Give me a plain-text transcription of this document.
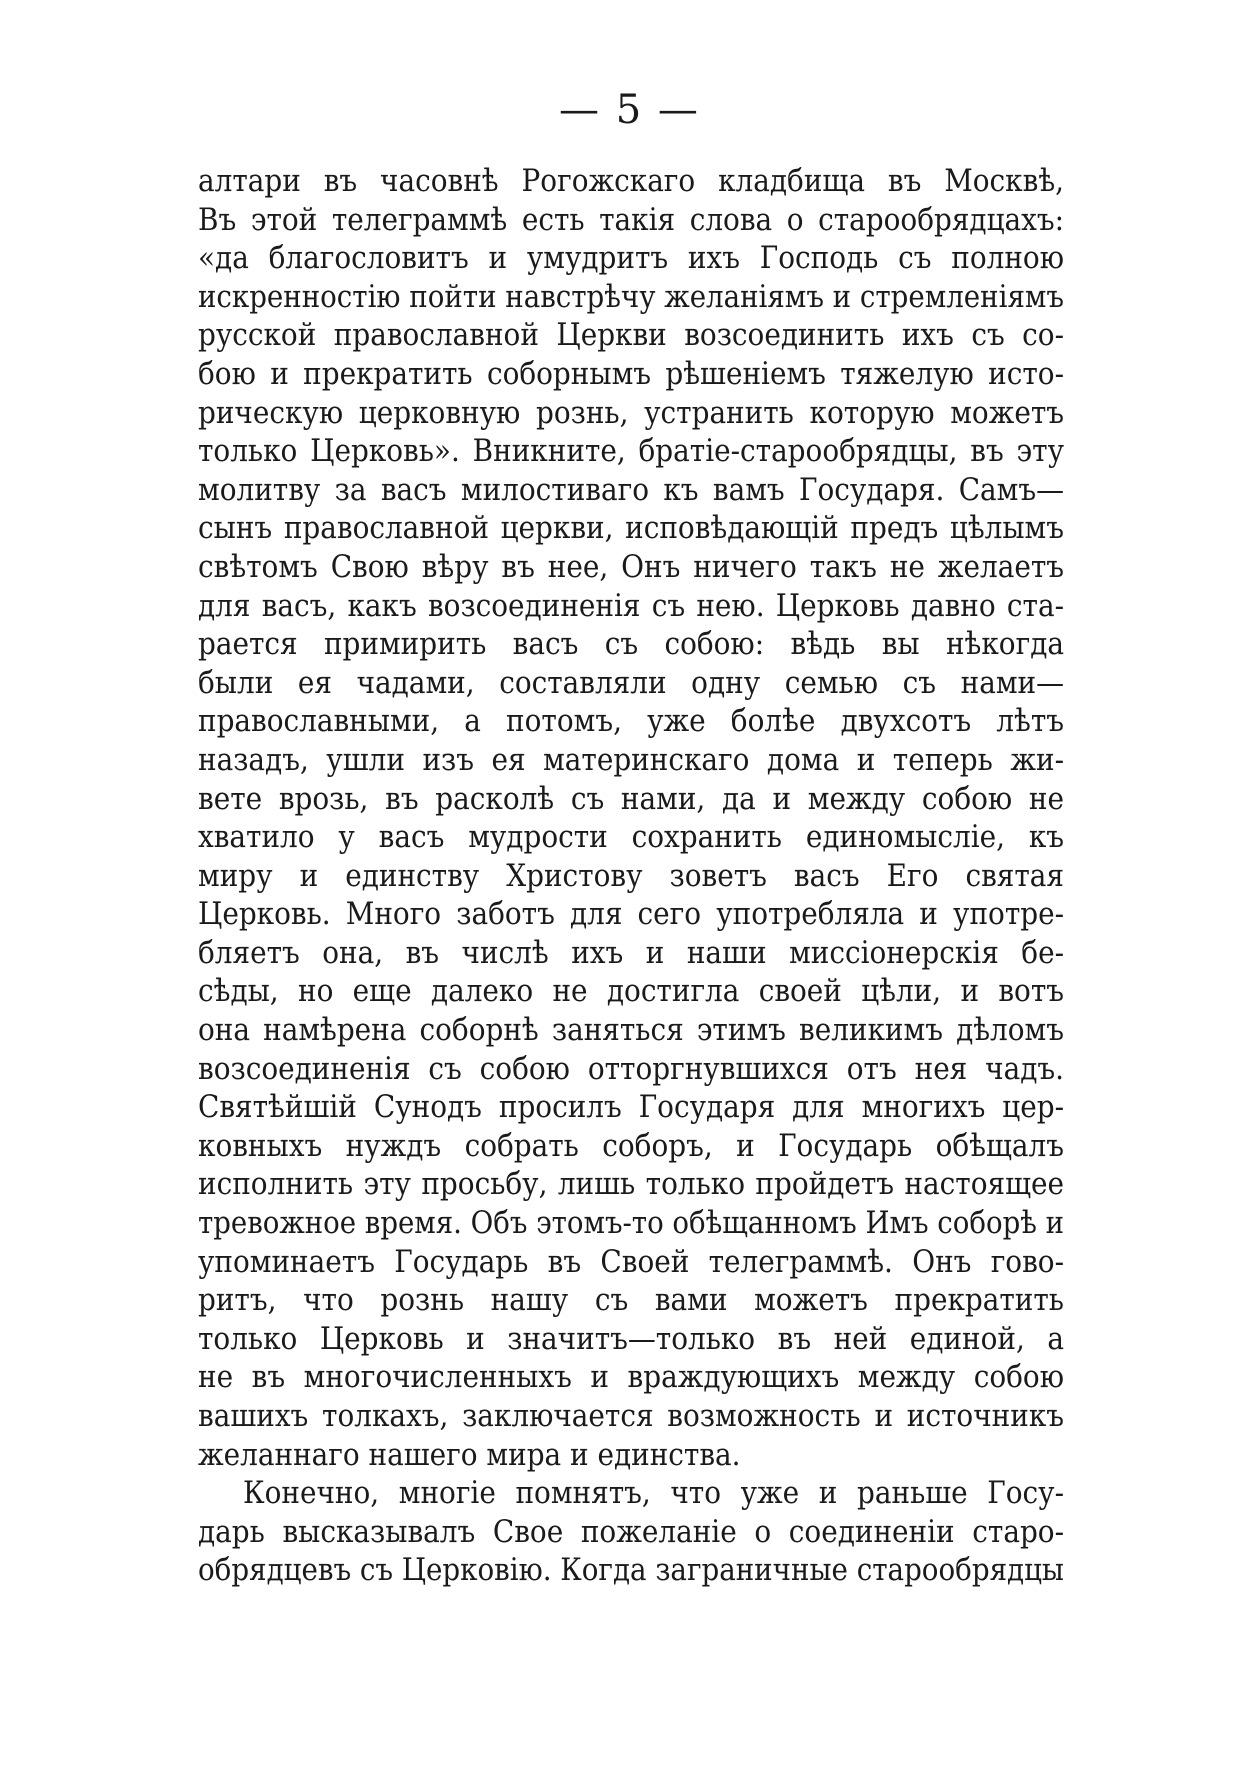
— 5 —
алтари въ часовнѣ Рогожскаго кладбища въ Москвѣ,
Въ этой телеграммѣ есть такія слова о старообрядцахъ:
«да благословитъ и умудритъ ихъ Господь съ полною
искренностію пойти навстрѣчу желаніямъ и стремленіямъ
русской православной Церкви возсоединить ихъ съ со-
бою и прекратить соборнымъ рѣшеніемъ тяжелую исто-
рическую церковную рознь, устранить которую можетъ
только Церковь». Вникните, братіе-старообрядцы, въ эту
молитву за васъ милостиваго къ вамъ Государя. Самъ—
сынъ православной церкви, исповѣдающій предъ цѣлымъ
свѣтомъ Свою вѣру въ нее, Онъ ничего такъ не желаетъ
для васъ, какъ возсоединенія съ нею. Церковь давно ста-
рается примирить васъ съ собою: вѣдь вы нѣкогда
были ея чадами, составляли одну семью съ нами—
православными, а потомъ, уже болѣе двухсотъ лѣтъ
назадъ, ушли изъ ея материнскаго дома и теперь жи-
вете врозь, въ расколѣ съ нами, да и между собою не
хватило у васъ мудрости сохранить единомысліе, къ
миру и единству Христову зоветъ васъ Его святая
Церковь. Много заботъ для сего употребляла и употре-
бляетъ она, въ числѣ ихъ и наши миссіонерскія бе-
сѣды, но еще далеко не достигла своей цѣли, и вотъ
она намѣрена соборнѣ заняться этимъ великимъ дѣломъ
возсоединенія съ собою отторгнувшихся отъ нея чадъ.
Святѣйшій Сунодъ просилъ Государя для многихъ цер-
ковныхъ нуждъ собрать соборъ, и Государь обѣщалъ
исполнить эту просьбу, лишь только пройдетъ настоящее
тревожное время. Объ этомъ-то обѣщанномъ Имъ соборѣ и
упоминаетъ Государь въ Своей телеграммѣ. Онъ гово-
ритъ, что рознь нашу съ вами можетъ прекратить
только Церковь и значитъ—только въ ней единой, а
не въ многочисленныхъ и враждующихъ между собою
вашихъ толкахъ, заключается возможность и источникъ
желаннаго нашего мира и единства.
Конечно, многіе помнятъ, что уже и раньше Госу-
дарь высказывалъ Свое пожеланіе о соединеніи старо-
обрядцевъ съ Церковію. Когда заграничные старообрядцы
